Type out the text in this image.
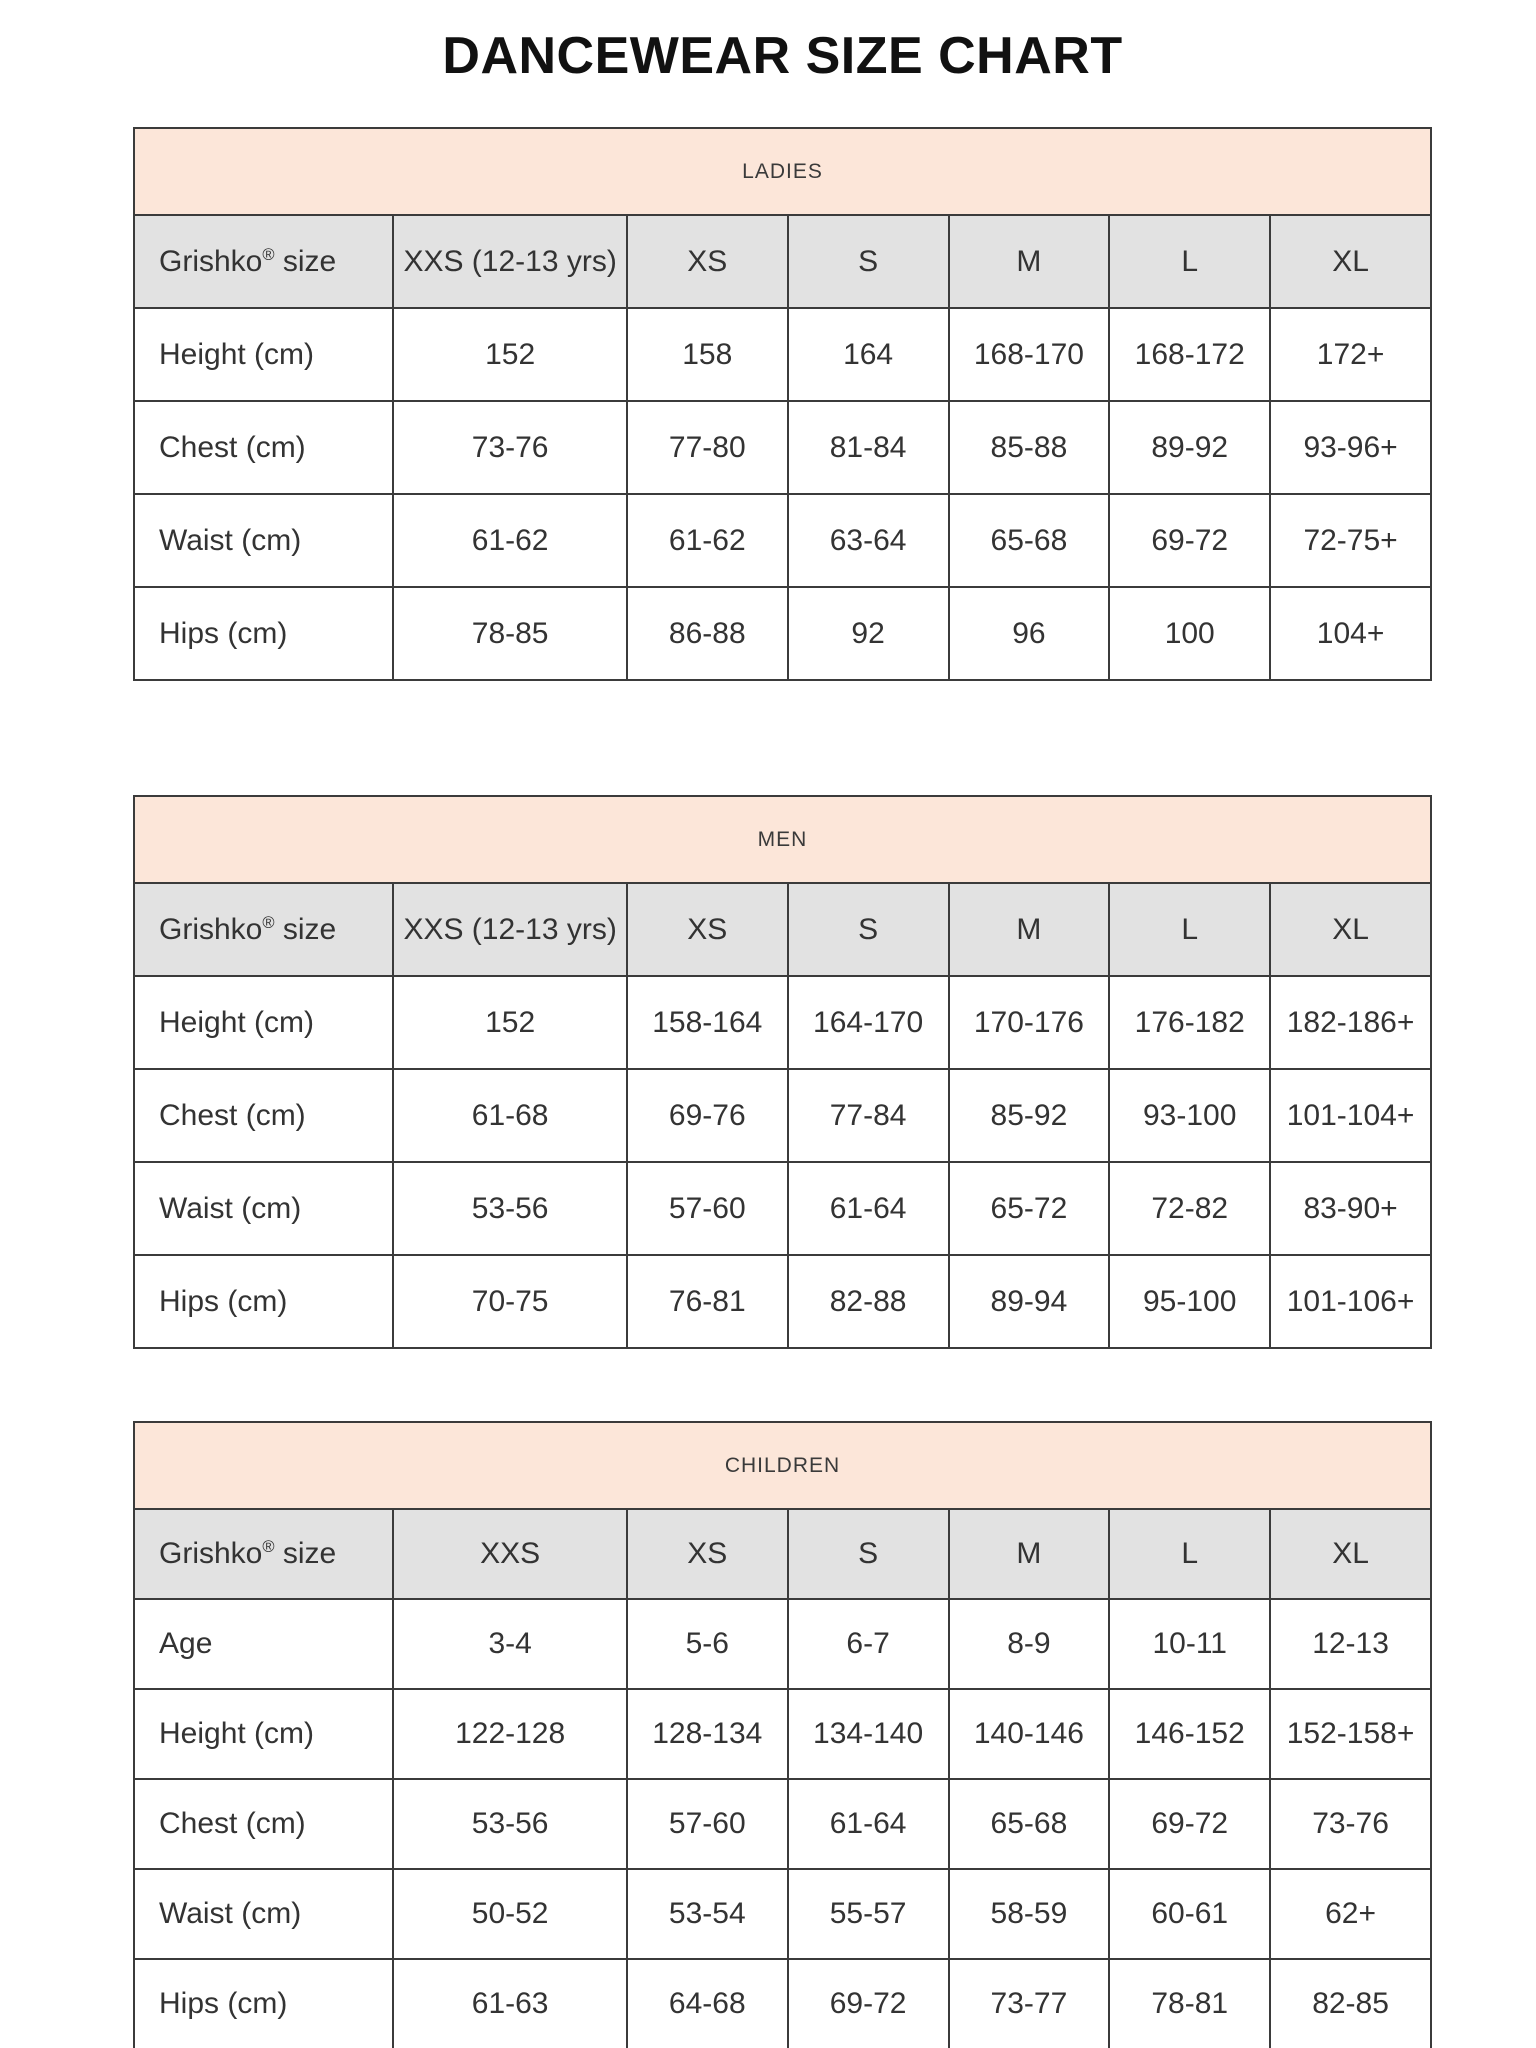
DANCEWEAR SIZE CHART
LADIES						
Grishko® size	XXS (12-13 yrs)	XS	S	M	L	XL
Height (cm)	152	158	164	168-170	168-172	172+
Chest (cm)	73-76	77-80	81-84	85-88	89-92	93-96+
Waist (cm)	61-62	61-62	63-64	65-68	69-72	72-75+
Hips (cm)	78-85	86-88	92	96	100	104+
MEN						
Grishko® size	XXS (12-13 yrs)	XS	S	M	L	XL
Height (cm)	152	158-164	164-170	170-176	176-182	182-186+
Chest (cm)	61-68	69-76	77-84	85-92	93-100	101-104+
Waist (cm)	53-56	57-60	61-64	65-72	72-82	83-90+
Hips (cm)	70-75	76-81	82-88	89-94	95-100	101-106+
CHILDREN						
Grishko® size	XXS	XS	S	M	L	XL
Age	3-4	5-6	6-7	8-9	10-11	12-13
Height (cm)	122-128	128-134	134-140	140-146	146-152	152-158+
Chest (cm)	53-56	57-60	61-64	65-68	69-72	73-76
Waist (cm)	50-52	53-54	55-57	58-59	60-61	62+
Hips (cm)	61-63	64-68	69-72	73-77	78-81	82-85
